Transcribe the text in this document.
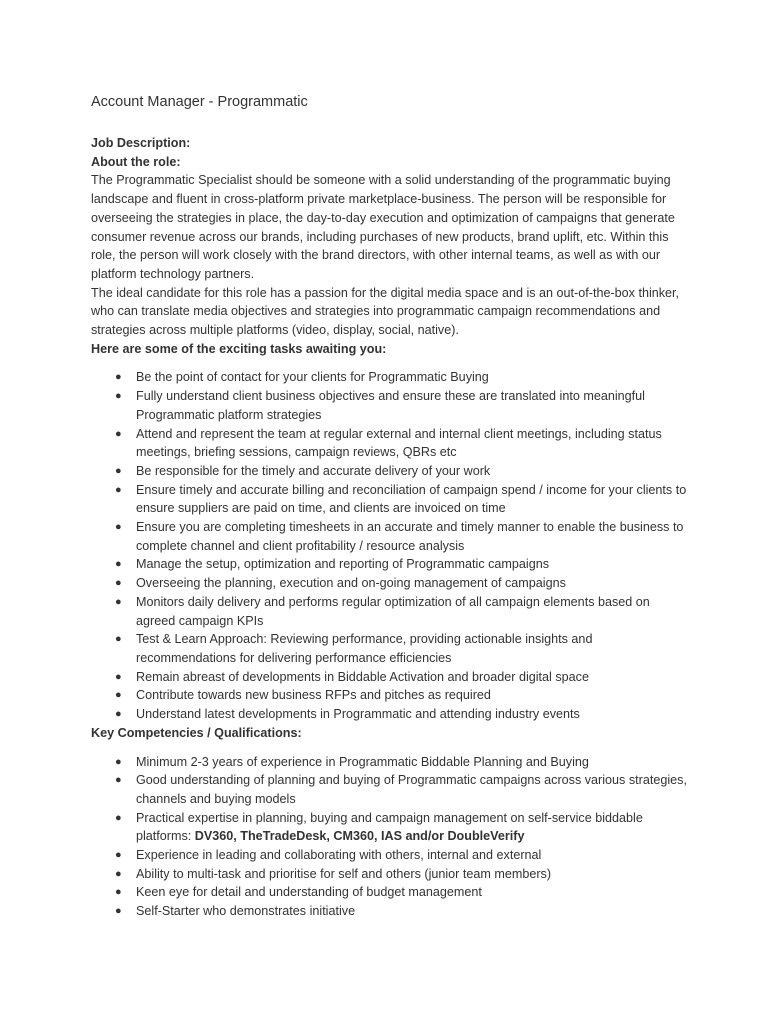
Account Manager - Programmatic

Job Description:

About the role:

The Programmatic Specialist should be someone with a solid understanding of the programmatic buying landscape and fluent in cross-platform private marketplace-business. The person will be responsible for overseeing the strategies in place, the day-to-day execution and optimization of campaigns that generate consumer revenue across our brands, including purchases of new products, brand uplift, etc. Within this role, the person will work closely with the brand directors, with other internal teams, as well as with our platform technology partners.

The ideal candidate for this role has a passion for the digital media space and is an out-of-the-box thinker, who can translate media objectives and strategies into programmatic campaign recommendations and strategies across multiple platforms (video, display, social, native).

Here are some of the exciting tasks awaiting you:

● Be the point of contact for your clients for Programmatic Buying
● Fully understand client business objectives and ensure these are translated into meaningful Programmatic platform strategies
● Attend and represent the team at regular external and internal client meetings, including status meetings, briefing sessions, campaign reviews, QBRs etc
● Be responsible for the timely and accurate delivery of your work
● Ensure timely and accurate billing and reconciliation of campaign spend / income for your clients to ensure suppliers are paid on time, and clients are invoiced on time
● Ensure you are completing timesheets in an accurate and timely manner to enable the business to complete channel and client profitability / resource analysis
● Manage the setup, optimization and reporting of Programmatic campaigns
● Overseeing the planning, execution and on-going management of campaigns
● Monitors daily delivery and performs regular optimization of all campaign elements based on agreed campaign KPIs
● Test & Learn Approach: Reviewing performance, providing actionable insights and recommendations for delivering performance efficiencies
● Remain abreast of developments in Biddable Activation and broader digital space
● Contribute towards new business RFPs and pitches as required
● Understand latest developments in Programmatic and attending industry events

Key Competencies / Qualifications:

● Minimum 2-3 years of experience in Programmatic Biddable Planning and Buying
● Good understanding of planning and buying of Programmatic campaigns across various strategies, channels and buying models
● Practical expertise in planning, buying and campaign management on self-service biddable platforms: DV360, TheTradeDesk, CM360, IAS and/or DoubleVerify
● Experience in leading and collaborating with others, internal and external
● Ability to multi-task and prioritise for self and others (junior team members)
● Keen eye for detail and understanding of budget management
● Self-Starter who demonstrates initiative
